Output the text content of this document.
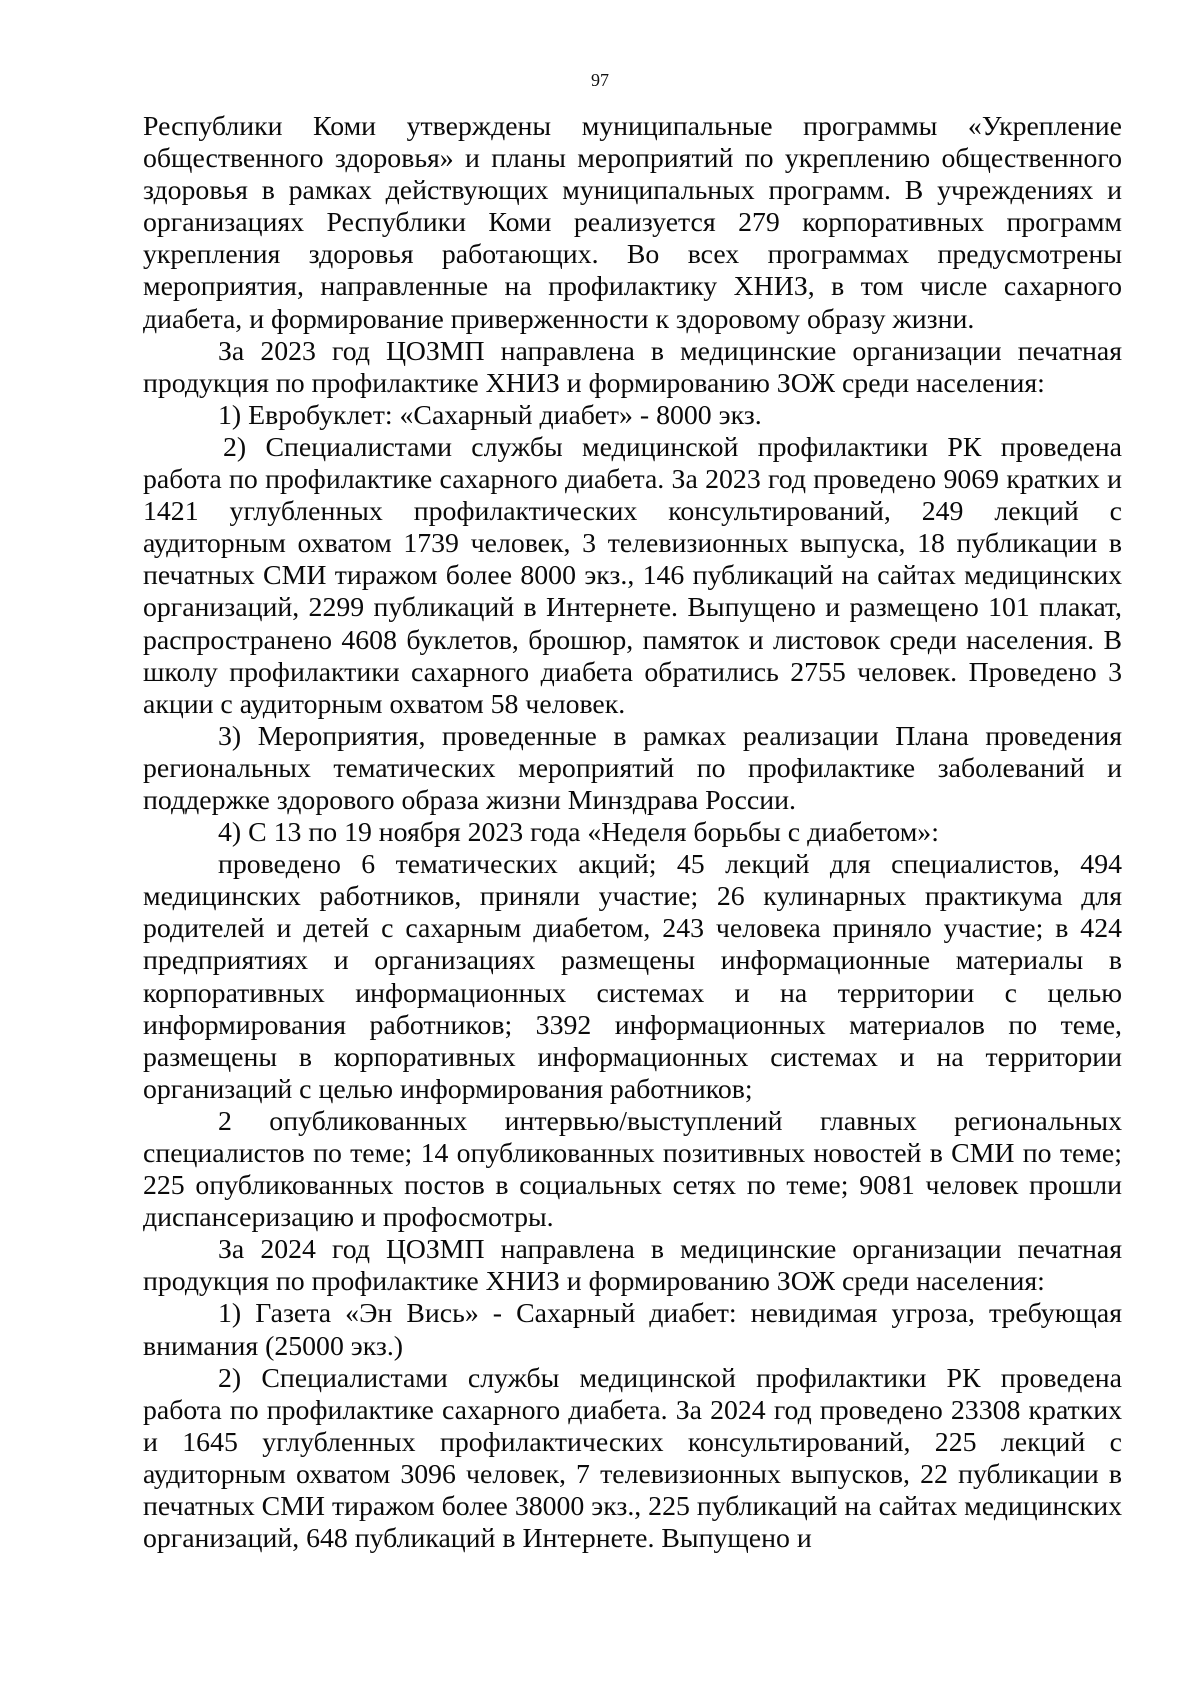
97

Республики Коми утверждены муниципальные программы «Укрепление общественного здоровья» и планы мероприятий по укреплению общественного здоровья в рамках действующих муниципальных программ. В учреждениях и организациях Республики Коми реализуется 279 корпоративных программ укрепления здоровья работающих. Во всех программах предусмотрены мероприятия, направленные на профилактику ХНИЗ, в том числе сахарного диабета, и формирование приверженности к здоровому образу жизни.

За 2023 год ЦОЗМП направлена в медицинские организации печатная продукция по профилактике ХНИЗ и формированию ЗОЖ среди населения:

1) Евробуклет: «Сахарный диабет» - 8000 экз.

2) Специалистами службы медицинской профилактики РК проведена работа по профилактике сахарного диабета. За 2023 год проведено 9069 кратких и 1421 углубленных профилактических консультирований, 249 лекций с аудиторным охватом 1739 человек, 3 телевизионных выпуска, 18 публикации в печатных СМИ тиражом более 8000 экз., 146 публикаций на сайтах медицинских организаций, 2299 публикаций в Интернете. Выпущено и размещено 101 плакат, распространено 4608 буклетов, брошюр, памяток и листовок среди населения. В школу профилактики сахарного диабета обратились 2755 человек. Проведено 3 акции с аудиторным охватом 58 человек.

3) Мероприятия, проведенные в рамках реализации Плана проведения региональных тематических мероприятий по профилактике заболеваний и поддержке здорового образа жизни Минздрава России.

4) С 13 по 19 ноября 2023 года «Неделя борьбы с диабетом»:

проведено 6 тематических акций; 45 лекций для специалистов, 494 медицинских работников, приняли участие; 26 кулинарных практикума для родителей и детей с сахарным диабетом, 243 человека приняло участие; в 424 предприятиях и организациях размещены информационные материалы в корпоративных информационных системах и на территории с целью информирования работников; 3392 информационных материалов по теме, размещены в корпоративных информационных системах и на территории организаций с целью информирования работников;

2 опубликованных интервью/выступлений главных региональных специалистов по теме; 14 опубликованных позитивных новостей в СМИ по теме; 225 опубликованных постов в социальных сетях по теме; 9081 человек прошли диспансеризацию и профосмотры.

За 2024 год ЦОЗМП направлена в медицинские организации печатная продукция по профилактике ХНИЗ и формированию ЗОЖ среди населения:

1) Газета «Эн Вись» - Сахарный диабет: невидимая угроза, требующая внимания (25000 экз.)

2) Специалистами службы медицинской профилактики РК проведена работа по профилактике сахарного диабета. За 2024 год проведено 23308 кратких и 1645 углубленных профилактических консультирований, 225 лекций с аудиторным охватом 3096 человек, 7 телевизионных выпусков, 22 публикации в печатных СМИ тиражом более 38000 экз., 225 публикаций на сайтах медицинских организаций, 648 публикаций в Интернете. Выпущено и
